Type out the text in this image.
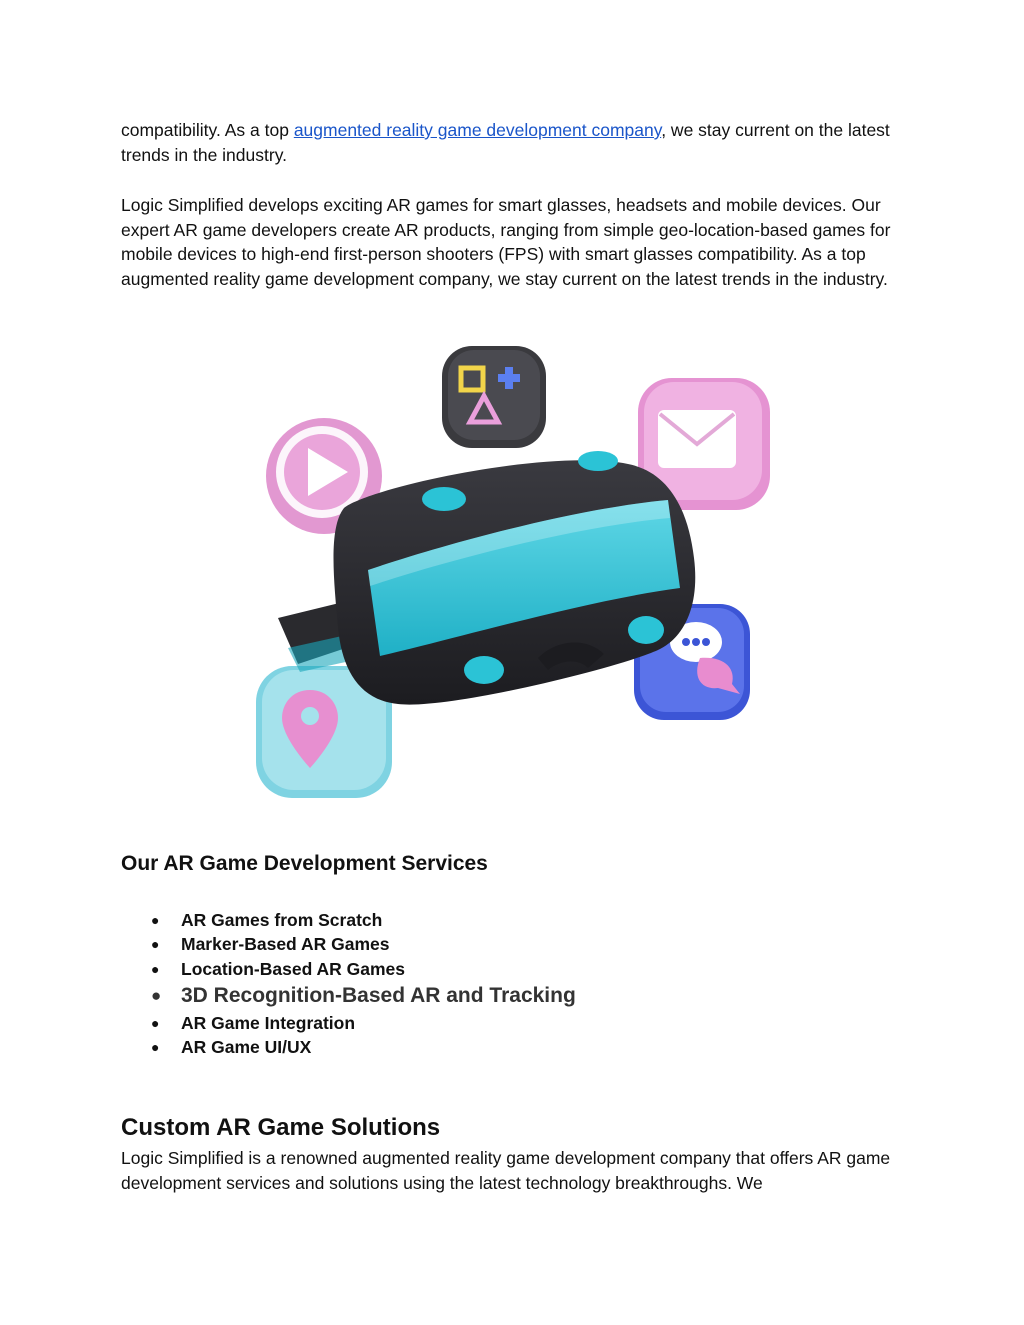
compatibility. As a top augmented reality game development company, we stay current on the latest trends in the industry.

Logic Simplified develops exciting AR games for smart glasses, headsets and mobile devices. Our expert AR game developers create AR products, ranging from simple geo-location-based games for mobile devices to high-end first-person shooters (FPS) with smart glasses compatibility. As a top augmented reality game development company, we stay current on the latest trends in the industry.

Our AR Game Development Services
● AR Games from Scratch
● Marker-Based AR Games
● Location-Based AR Games
● 3D Recognition-Based AR and Tracking
● AR Game Integration
● AR Game UI/UX
Custom AR Game Solutions

Logic Simplified is a renowned augmented reality game development company that offers AR game development services and solutions using the latest technology breakthroughs. We
